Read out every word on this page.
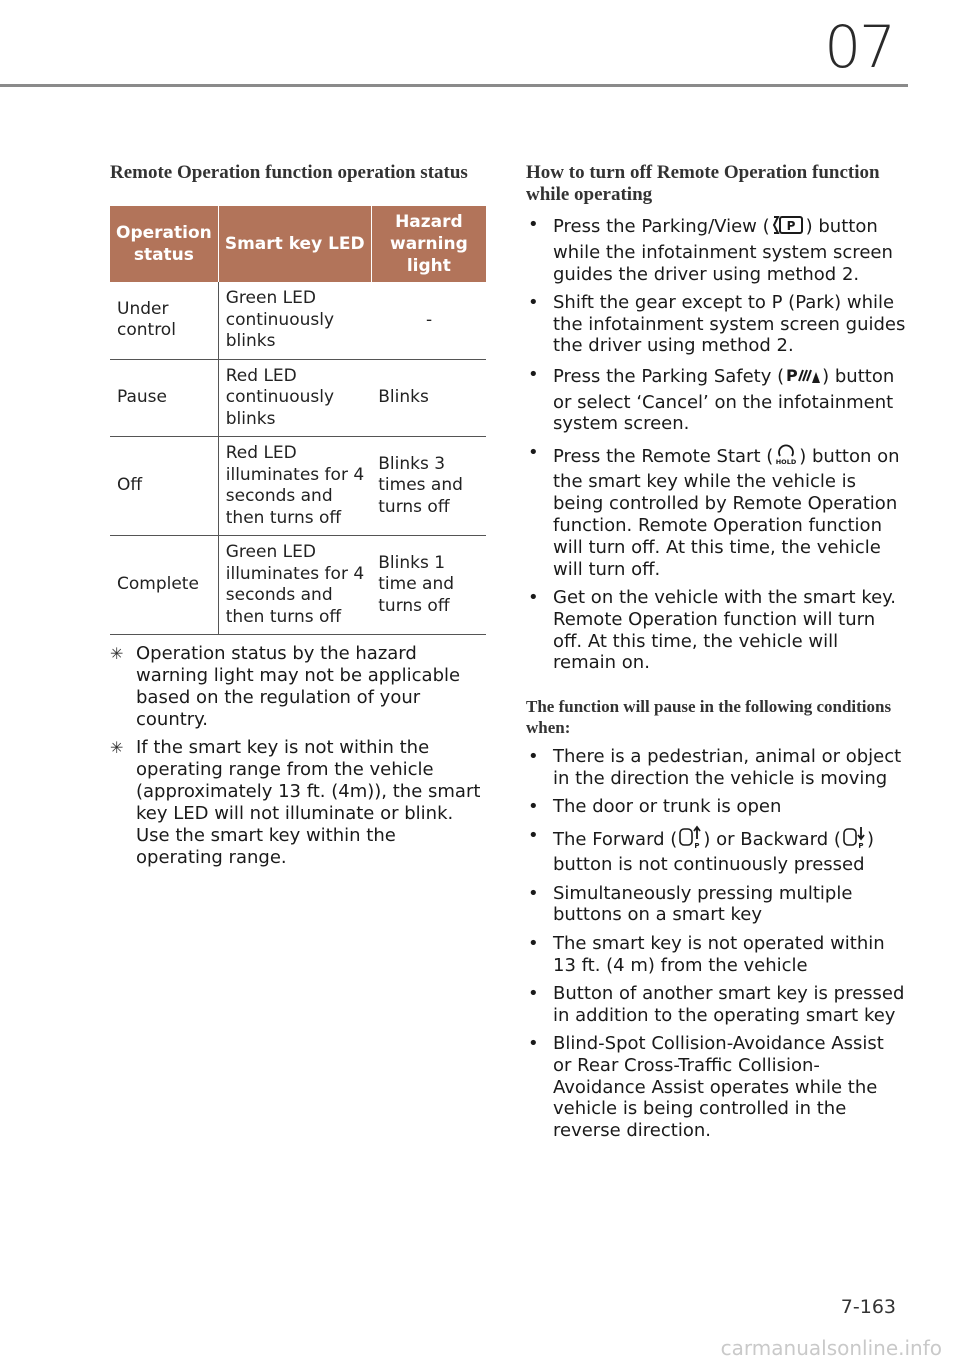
07
Remote Operation function operation status
Operation status	Smart key LED	Hazard warning light
Under control	Green LED continuously blinks	-
Pause	Red LED continuously blinks	Blinks
Off	Red LED illuminates for 4 seconds and then turns off	Blinks 3 times and turns off
Complete	Green LED illuminates for 4 seconds and then turns off	Blinks 1 time and turns off
✳ Operation status by the hazard warning light may not be applicable based on the regulation of your country.
✳ If the smart key is not within the operating range from the vehicle (approximately 13 ft. (4m)), the smart key LED will not illuminate or blink. Use the smart key within the operating range.
How to turn off Remote Operation function while operating
• Press the Parking/View ( P ) button while the infotainment system screen guides the driver using method 2.
• Shift the gear except to P (Park) while the infotainment system screen guides the driver using method 2.
• Press the Parking Safety ( P ) button or select ‘Cancel’ on the infotainment system screen.
• Press the Remote Start ( HOLD ) button on the smart key while the vehicle is being controlled by Remote Operation function. Remote Operation function will turn off. At this time, the vehicle will turn off.
• Get on the vehicle with the smart key. Remote Operation function will turn off. At this time, the vehicle will remain on.
The function will pause in the following conditions when:
• There is a pedestrian, animal or object in the direction the vehicle is moving
• The door or trunk is open
• The Forward ( P ) or Backward ( P ) button is not continuously pressed
• Simultaneously pressing multiple buttons on a smart key
• The smart key is not operated within 13 ft. (4 m) from the vehicle
• Button of another smart key is pressed in addition to the operating smart key
• Blind-Spot Collision-Avoidance Assist or Rear Cross-Traffic Collision-Avoidance Assist operates while the vehicle is being controlled in the reverse direction.
7-163
carmanualsonline.info
